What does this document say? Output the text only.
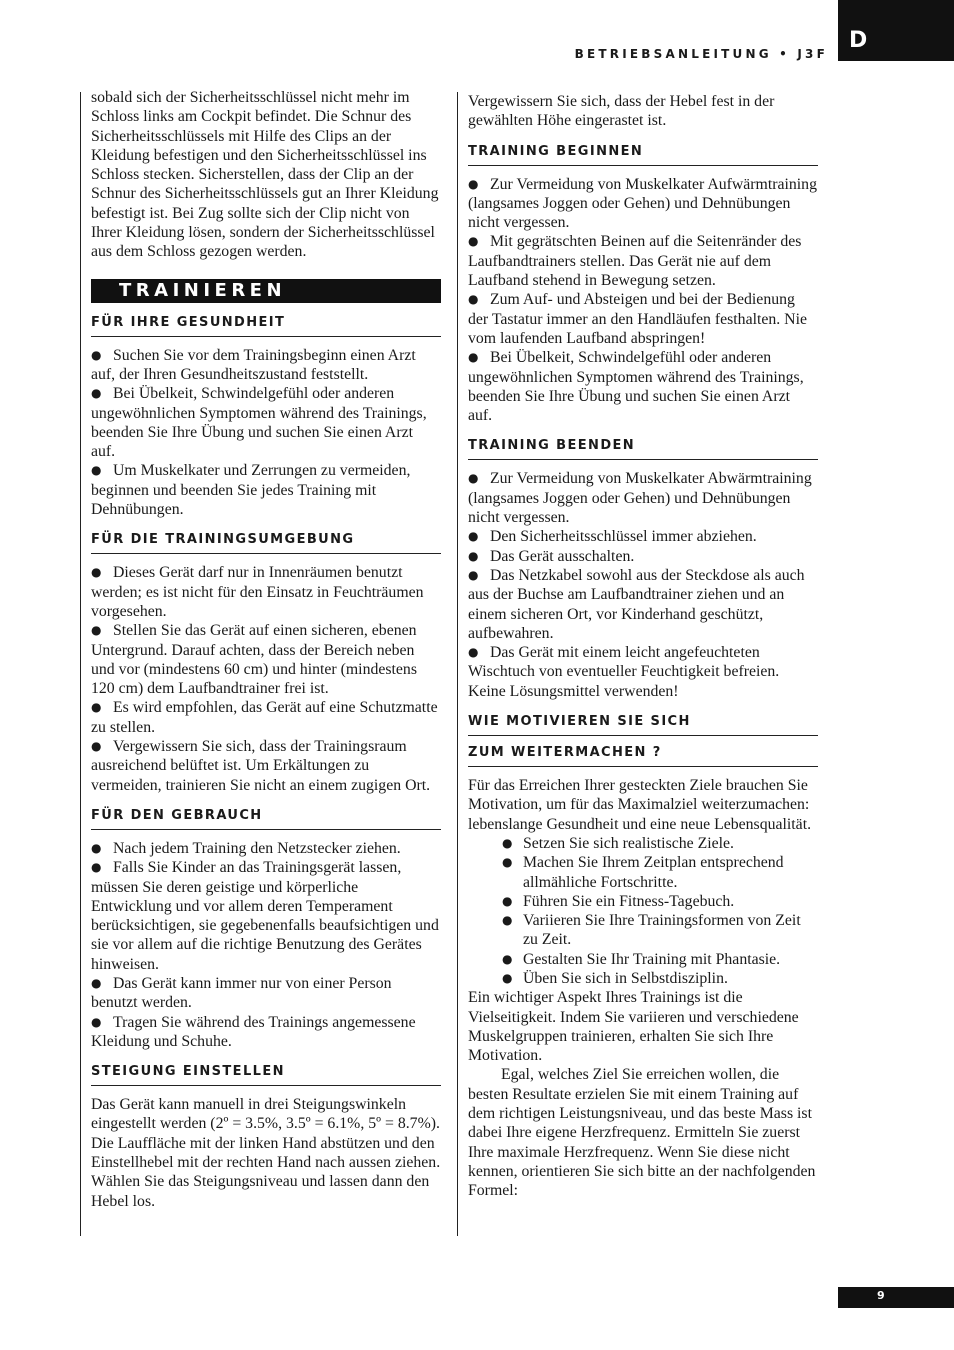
D
BETRIEBSANLEITUNG • J3F

sobald sich der Sicherheitsschlüssel nicht mehr im Schloss links am Cockpit befindet. Die Schnur des Sicherheitsschlüssels mit Hilfe des Clips an der Kleidung befestigen und den Sicherheitsschlüssel ins Schloss stecken. Sicherstellen, dass der Clip an der Schnur des Sicherheitsschlüssels gut an Ihrer Kleidung befestigt ist. Bei Zug sollte sich der Clip nicht von Ihrer Kleidung lösen, sondern der Sicherheitsschlüssel aus dem Schloss gezogen werden.

TRAINIEREN
FÜR IHRE GESUNDHEIT

● Suchen Sie vor dem Trainingsbeginn einen Arzt auf, der Ihren Gesundheitszustand feststellt.

● Bei Übelkeit, Schwindelgefühl oder anderen ungewöhnlichen Symptomen während des Trainings, beenden Sie Ihre Übung und suchen Sie einen Arzt auf.

● Um Muskelkater und Zerrungen zu vermeiden, beginnen und beenden Sie jedes Training mit Dehnübungen.

FÜR DIE TRAININGSUMGEBUNG

● Dieses Gerät darf nur in Innenräumen benutzt werden; es ist nicht für den Einsatz in Feuchträumen vorgesehen.

● Stellen Sie das Gerät auf einen sicheren, ebenen Untergrund. Darauf achten, dass der Bereich neben und vor (mindestens 60 cm) und hinter (mindestens 120 cm) dem Laufbandtrainer frei ist.

● Es wird empfohlen, das Gerät auf eine Schutzmatte zu stellen.

● Vergewissern Sie sich, dass der Trainingsraum ausreichend belüftet ist. Um Erkältungen zu vermeiden, trainieren Sie nicht an einem zugigen Ort.

FÜR DEN GEBRAUCH

● Nach jedem Training den Netzstecker ziehen.

● Falls Sie Kinder an das Trainingsgerät lassen, müssen Sie deren geistige und körperliche Entwicklung und vor allem deren Temperament berücksichtigen, sie gegebenenfalls beaufsichtigen und sie vor allem auf die richtige Benutzung des Gerätes hinweisen.

● Das Gerät kann immer nur von einer Person benutzt werden.

● Tragen Sie während des Trainings angemessene Kleidung und Schuhe.

STEIGUNG EINSTELLEN

Das Gerät kann manuell in drei Steigungswinkeln eingestellt werden (2º = 3.5%, 3.5º = 6.1%, 5º = 8.7%). Die Lauffläche mit der linken Hand abstützen und den Einstellhebel mit der rechten Hand nach aussen ziehen. Wählen Sie das Steigungsniveau und lassen dann den Hebel los.

Vergewissern Sie sich, dass der Hebel fest in der gewählten Höhe eingerastet ist.

TRAINING BEGINNEN

● Zur Vermeidung von Muskelkater Aufwärmtraining (langsames Joggen oder Gehen) und Dehnübungen nicht vergessen.

● Mit gegrätschten Beinen auf die Seitenränder des Laufbandtrainers stellen. Das Gerät nie auf dem Laufband stehend in Bewegung setzen.

● Zum Auf- und Absteigen und bei der Bedienung der Tastatur immer an den Handläufen festhalten. Nie vom laufenden Laufband abspringen!

● Bei Übelkeit, Schwindelgefühl oder anderen ungewöhnlichen Symptomen während des Trainings, beenden Sie Ihre Übung und suchen Sie einen Arzt auf.

TRAINING BEENDEN

● Zur Vermeidung von Muskelkater Abwärmtraining (langsames Joggen oder Gehen) und Dehnübungen nicht vergessen.

● Den Sicherheitsschlüssel immer abziehen.

● Das Gerät ausschalten.

● Das Netzkabel sowohl aus der Steckdose als auch aus der Buchse am Laufbandtrainer ziehen und an einem sicheren Ort, vor Kinderhand geschützt, aufbewahren.

● Das Gerät mit einem leicht angefeuchteten Wischtuch von eventueller Feuchtigkeit befreien. Keine Lösungsmittel verwenden!

WIE MOTIVIEREN SIE SICH
ZUM WEITERMACHEN ?

Für das Erreichen Ihrer gesteckten Ziele brauchen Sie Motivation, um für das Maximalziel weiterzumachen: lebenslange Gesundheit und eine neue Lebensqualität.

● Setzen Sie sich realistische Ziele.
● Machen Sie Ihrem Zeitplan entsprechend allmähliche Fortschritte.
● Führen Sie ein Fitness-Tagebuch.
● Variieren Sie Ihre Trainingsformen von Zeit zu Zeit.
● Gestalten Sie Ihr Training mit Phantasie.
● Üben Sie sich in Selbstdisziplin.

Ein wichtiger Aspekt Ihres Trainings ist die Vielseitigkeit. Indem Sie variieren und verschiedene Muskelgruppen trainieren, erhalten Sie sich Ihre Motivation.

Egal, welches Ziel Sie erreichen wollen, die besten Resultate erzielen Sie mit einem Training auf dem richtigen Leistungsniveau, und das beste Mass ist dabei Ihre eigene Herzfrequenz. Ermitteln Sie zuerst Ihre maximale Herzfrequenz. Wenn Sie diese nicht kennen, orientieren Sie sich bitte an der nachfolgenden Formel:

9
